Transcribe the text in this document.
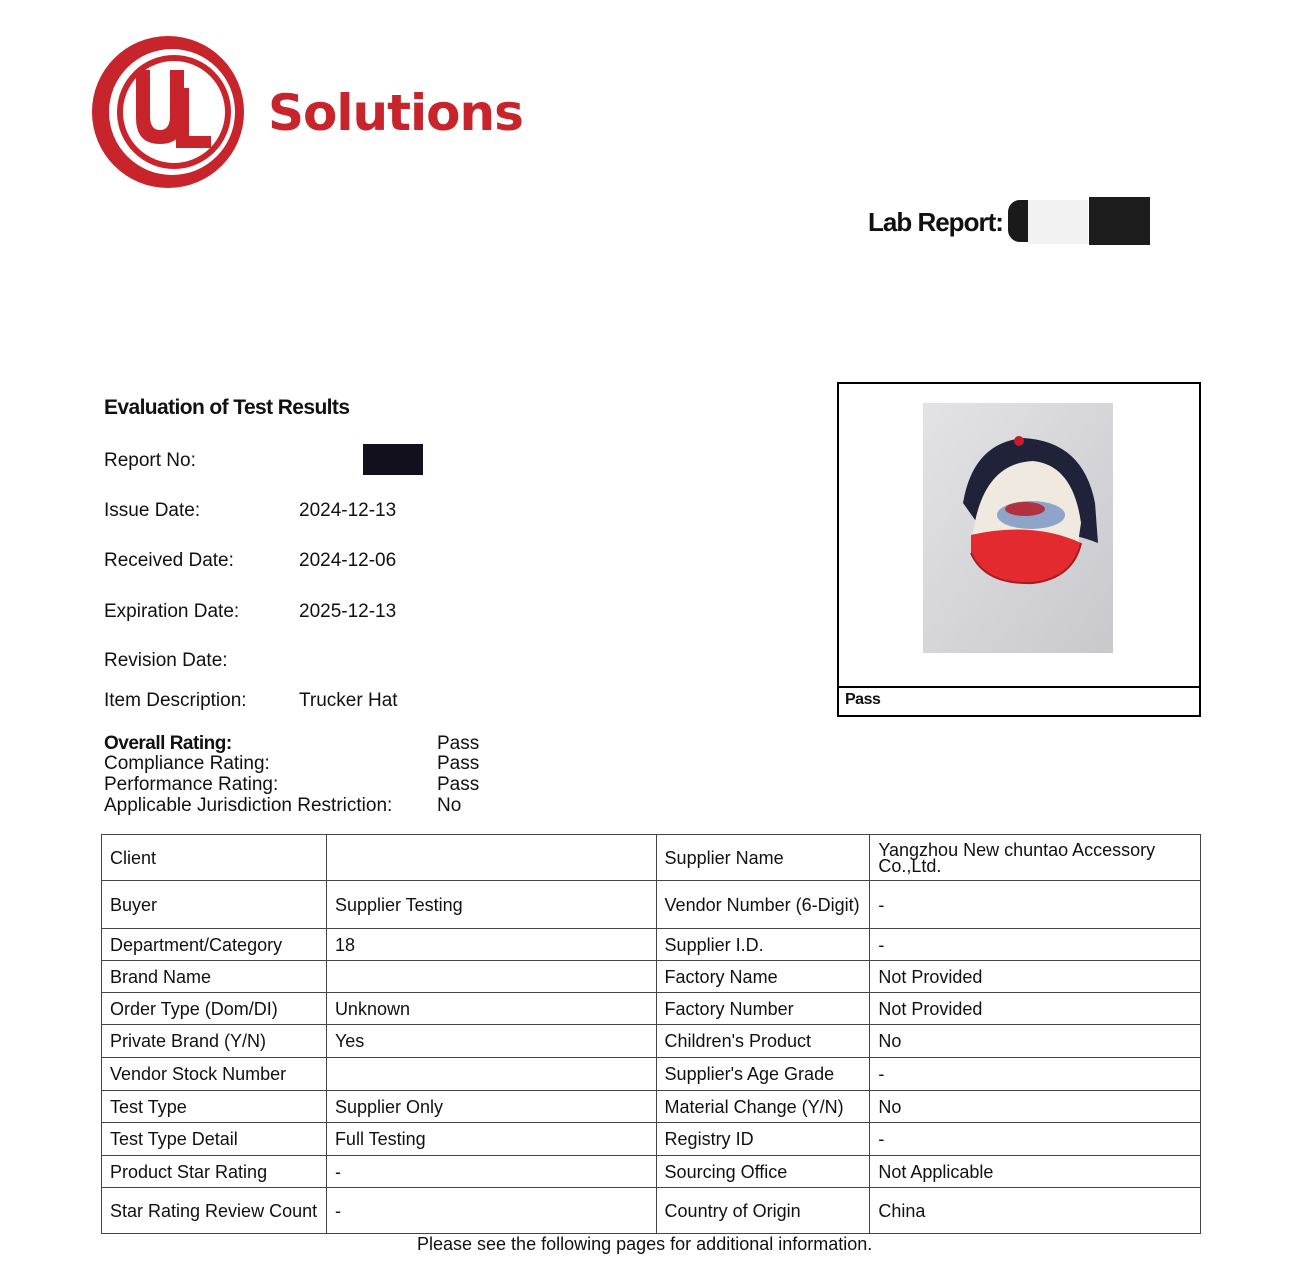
Solutions
Lab Report:
Evaluation of Test Results
Report No:
Issue Date:	2024-12-13
Received Date:	2024-12-06
Expiration Date:	2025-12-13
Revision Date:
Item Description:	Trucker Hat
Overall Rating:	Pass
Compliance Rating:	Pass
Performance Rating:	Pass
Applicable Jurisdiction Restriction: No
Pass
Client		Supplier Name	Yangzhou New chuntao Accessory Co.,Ltd.
Buyer	Supplier Testing	Vendor Number (6-Digit)	-
Department/Category	18	Supplier I.D.	-
Brand Name		Factory Name	Not Provided
Order Type (Dom/DI)	Unknown	Factory Number	Not Provided
Private Brand (Y/N)	Yes	Children's Product	No
Vendor Stock Number		Supplier's Age Grade	-
Test Type	Supplier Only	Material Change (Y/N)	No
Test Type Detail	Full Testing	Registry ID	-
Product Star Rating	-	Sourcing Office	Not Applicable
Star Rating Review Count	-	Country of Origin	China
Please see the following pages for additional information.
